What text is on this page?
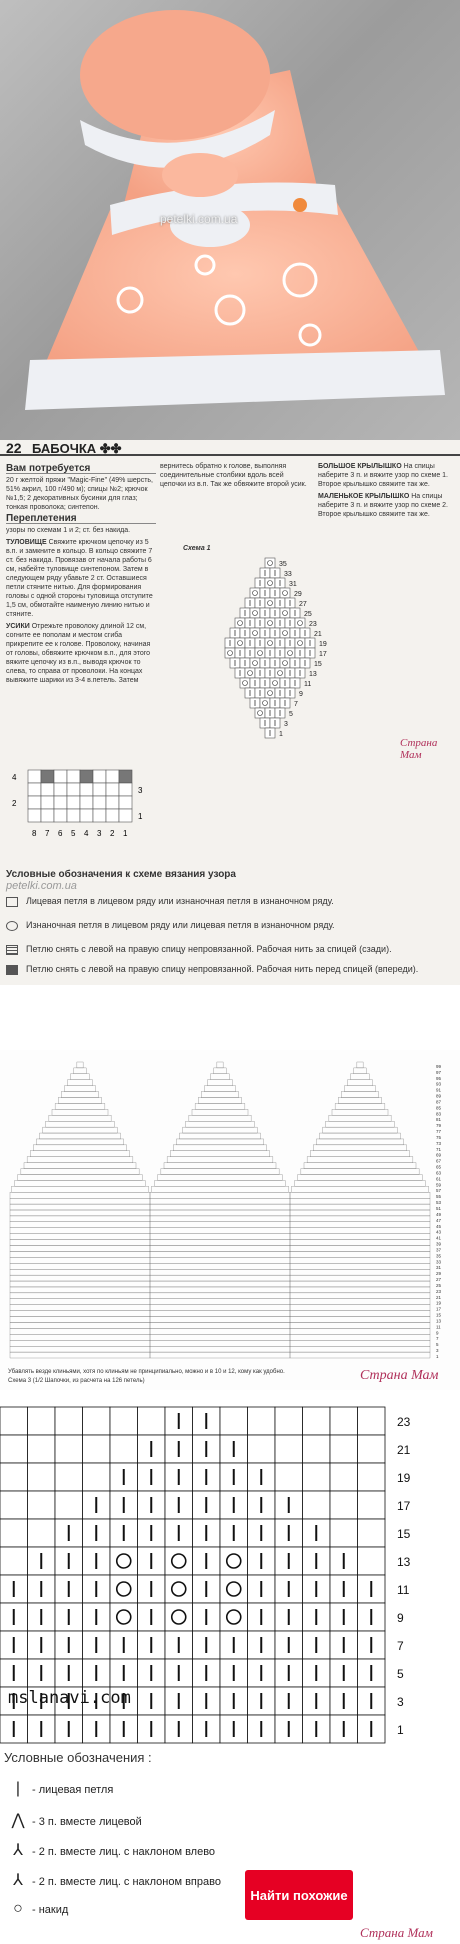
petelki.com.ua
22 БАБОЧКА ✤✤
Вам потребуется

20 г желтой пряжи "Magic-Fine" (49% шерсть, 51% акрил, 100 г/490 м); спицы №2; крючок №1,5; 2 декоративных бусинки для глаз; тонкая проволока; синтепон.

Переплетения

узоры по схемам 1 и 2; ст. без накида.

ТУЛОВИЩЕ Свяжите крючком цепочку из 5 в.п. и замкните в кольцо. В кольцо свяжите 7 ст. без накида. Провязав от начала работы 6 см, набейте туловище синтепоном. Затем в следующем ряду убавьте 2 ст. Оставшиеся петли стяните нитью. Для формирования головы с одной стороны туловища отступите 1,5 см, обмотайте наименую линию нитью и стяните.

УСИКИ Отрежьте проволоку длиной 12 см, согните ее пополам и местом сгиба прикрепите ее к голове. Проволоку, начиная от головы, обвяжите крючком в.п., для этого вяжите цепочку из в.п., выводя крючок то слева, то справа от проволоки. На концах вывяжите шарики из 3-4 в.петель. Затем

вернитесь обратно к голове, выполняя соединительные столбики вдоль всей цепочки из в.п. Так же обвяжите второй усик.

БОЛЬШОЕ КРЫЛЫШКО На спицы наберите 3 п. и вяжите узор по схеме 1. Второе крылышко свяжите так же.

МАЛЕНЬКОЕ КРЫЛЫШКО На спицы наберите 3 п. и вяжите узор по схеме 2. Второе крылышко свяжите так же.

Схема 1
35
33
31
29
27
25
23
21
19
17
15
13
11
9
7
5
3
1
Страна Мам
4
2
3
1
8 7 6 5 4 3 2 1
Условные обозначения к схеме вязания узора
petelki.com.ua
Лицевая петля в лицевом ряду или изнаночная петля в изнаночном ряду.
Изнаночная петля в лицевом ряду или лицевая петля в изнаночном ряду.
Петлю снять с левой на правую спицу непровязанной. Рабочая нить за спицей (сзади).
Петлю снять с левой на правую спицу непровязанной. Рабочая нить перед спицей (впереди).
99
97
95
93
91
89
87
85
83
81
79
77
75
73
71
69
67
65
63
61
59
57
55
53
51
49
47
45
43
41
39
37
35
33
31
29
27
25
23
21
19
17
15
13
11
9
7
5
3
1
Убавлять везде клиньями, хотя по клиньям не принципиально, можно и в 10 и 12, кому как удобно.
Схема 3 (1/2 Шапочки, из расчета на 126 петель)	Страна Мам
23
21
19
17
15
13
11
9
7
5
3
1
mslanavi.com
Условные обозначения :
| - лицевая петля
⋀ - 3 п. вместе лицевой
⅄ - 2 п. вместе лиц. с наклоном влево
⅄ - 2 п. вместе лиц. с наклоном вправо
○ - накид
Найти похожие
Страна Мам
